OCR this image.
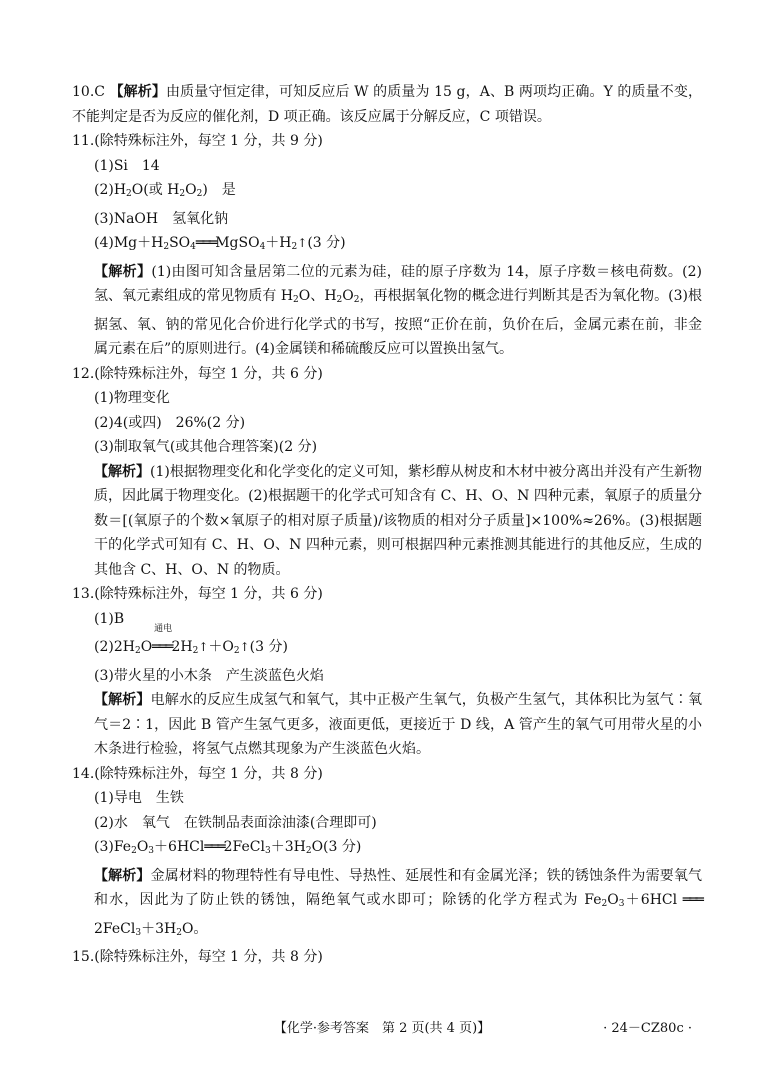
10.C 【解析】由质量守恒定律，可知反应后 W 的质量为 15 g，A、B 两项均正确。Y 的质量不变，不能判定是否为反应的催化剂，D 项正确。该反应属于分解反应，C 项错误。
11.(除特殊标注外，每空 1 分，共 9 分)
(1)Si　14
$(2)H_2O$(或 $H_2O_2$)　是
(3)NaOH　氢氧化钠
$(4)Mg+H_2SO_4═══MgSO_4+H_2↑(3$ 分)
【解析】(1)由图可知含量居第二位的元素为硅，硅的原子序数为 14，原子序数＝核电荷数。(2)氢、氧元素组成的常见物质有 $H_2O$、$H_2O_2$，再根据氧化物的概念进行判断其是否为氧化物。(3)根据氢、氧、钠的常见化合价进行化学式的书写，按照“正价在前，负价在后，金属元素在前，非金属元素在后”的原则进行。(4)金属镁和稀硫酸反应可以置换出氢气。
12.(除特殊标注外，每空 1 分，共 6 分)
(1)物理变化
(2)4(或四)　26%(2 分)
(3)制取氧气(或其他合理答案)(2 分)
【解析】(1)根据物理变化和化学变化的定义可知，紫杉醇从树皮和木材中被分离出并没有产生新物质，因此属于物理变化。(2)根据题干的化学式可知含有 C、H、O、N 四种元素，氧原子的质量分数＝[(氧原子的个数×氧原子的相对原子质量)/该物质的相对分子质量]×100%≈26%。(3)根据题干的化学式可知有 C、H、O、N 四种元素，则可根据四种元素推测其能进行的其他反应，生成的其他含 C、H、O、N 的物质。
13.(除特殊标注外，每空 1 分，共 6 分)
(1)B
$(2)2H_2O$
通电
$═══2H_2↑+O_2↑(3$ 分)
(3)带火星的小木条　产生淡蓝色火焰
【解析】电解水的反应生成氢气和氧气，其中正极产生氧气，负极产生氢气，其体积比为氢气∶氧气＝2∶1，因此 B 管产生氢气更多，液面更低，更接近于 D 线，A 管产生的氧气可用带火星的小木条进行检验，将氢气点燃其现象为产生淡蓝色火焰。
14.(除特殊标注外，每空 1 分，共 8 分)
(1)导电　生铁
(2)水　氧气　在铁制品表面涂油漆(合理即可)
$(3)Fe_2O_3+6HCl═══2FeCl_3+3H_2O(3$ 分)
【解析】金属材料的物理特性有导电性、导热性、延展性和有金属光泽；铁的锈蚀条件为需要氧气和水，因此为了防止铁的锈蚀，隔绝氧气或水即可；除锈的化学方程式为 $Fe_2O_3+6HCl$ $═══2FeCl_3+3H_2O$。
15.(除特殊标注外，每空 1 分，共 8 分)
【化学·参考答案　第 2 页(共 4 页)】	· 24－CZ80c ·
